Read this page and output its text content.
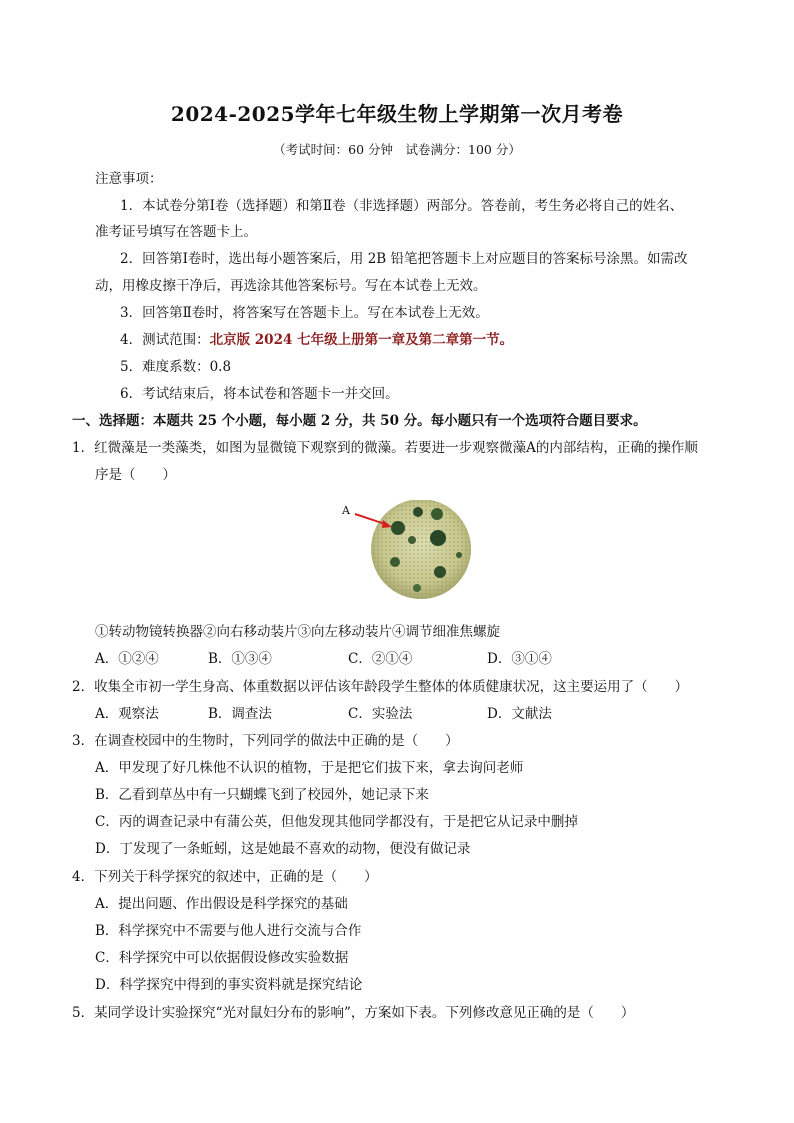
2024-2025学年七年级生物上学期第一次月考卷
（考试时间：60 分钟　试卷满分：100 分）
注意事项：
1．本试卷分第Ⅰ卷（选择题）和第Ⅱ卷（非选择题）两部分。答卷前，考生务必将自己的姓名、
准考证号填写在答题卡上。
2．回答第Ⅰ卷时，选出每小题答案后，用 2B 铅笔把答题卡上对应题目的答案标号涂黑。如需改
动，用橡皮擦干净后，再选涂其他答案标号。写在本试卷上无效。
3．回答第Ⅱ卷时，将答案写在答题卡上。写在本试卷上无效。
4．测试范围：北京版 2024 七年级上册第一章及第二章第一节。
5．难度系数：0.8
6．考试结束后，将本试卷和答题卡一并交回。
一、选择题：本题共 25 个小题，每小题 2 分，共 50 分。每小题只有一个选项符合题目要求。
1．红微藻是一类藻类，如图为显微镜下观察到的微藻。若要进一步观察微藻A的内部结构，正确的操作顺
序是（　　）
A
①转动物镜转换器②向右移动装片③向左移动装片④调节细准焦螺旋
A．①②④	B．①③④	C．②①④	D．③①④
2．收集全市初一学生身高、体重数据以评估该年龄段学生整体的体质健康状况，这主要运用了（　　）
A．观察法	B．调查法	C．实验法	D．文献法
3．在调查校园中的生物时，下列同学的做法中正确的是（　　）
A．甲发现了好几株他不认识的植物，于是把它们拔下来，拿去询问老师
B．乙看到草丛中有一只蝴蝶飞到了校园外，她记录下来
C．丙的调查记录中有蒲公英，但他发现其他同学都没有，于是把它从记录中删掉
D．丁发现了一条蚯蚓，这是她最不喜欢的动物，便没有做记录
4．下列关于科学探究的叙述中，正确的是（　　）
A．提出问题、作出假设是科学探究的基础
B．科学探究中不需要与他人进行交流与合作
C．科学探究中可以依据假设修改实验数据
D．科学探究中得到的事实资料就是探究结论
5．某同学设计实验探究“光对鼠妇分布的影响”，方案如下表。下列修改意见正确的是（　　）
